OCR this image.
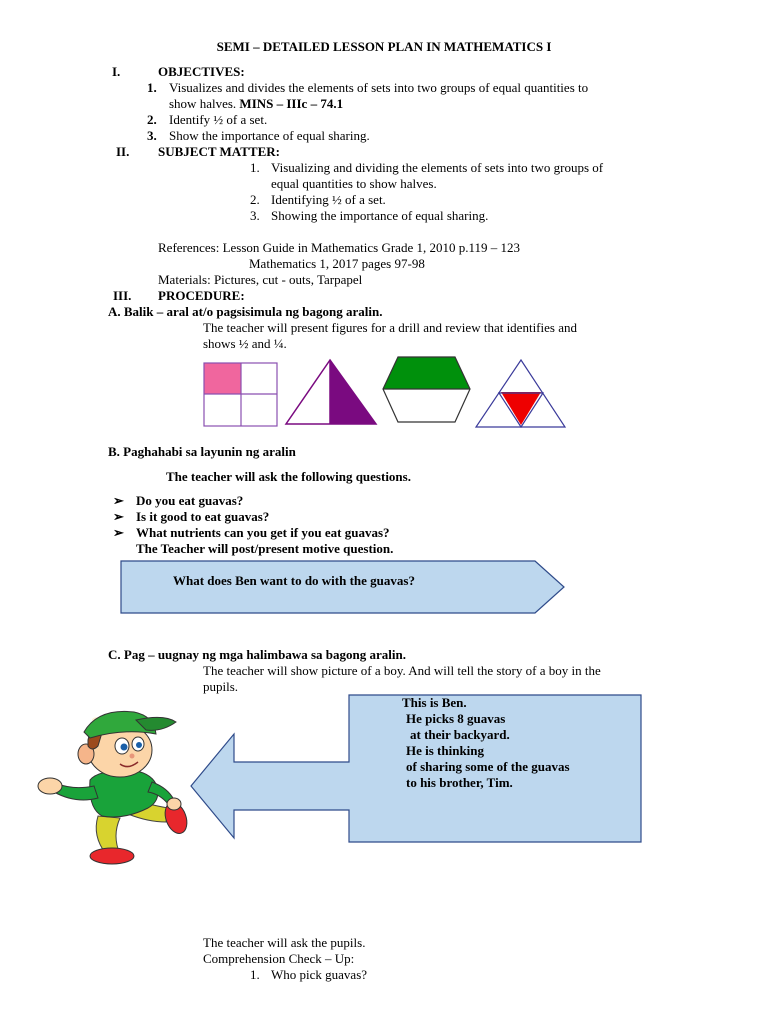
SEMI – DETAILED LESSON PLAN IN MATHEMATICS I
I.	OBJECTIVES:
1. Visualizes and divides the elements of sets into two groups of equal quantities to
show halves. MINS – IIIc – 74.1
2. Identify ½ of a set.
3. Show the importance of equal sharing.
II. SUBJECT MATTER:
1. Visualizing and dividing the elements of sets into two groups of
equal quantities to show halves.
2. Identifying ½ of a set.
3. Showing the importance of equal sharing.
References: Lesson Guide in Mathematics Grade 1, 2010 p.119 – 123
Mathematics 1, 2017 pages 97-98
Materials: Pictures, cut - outs, Tarpapel
III. PROCEDURE:
A. Balik – aral at/o pagsisimula ng bagong aralin.
The teacher will present figures for a drill and review that identifies and
shows ½ and ¼.
B. Paghahabi sa layunin ng aralin
The teacher will ask the following questions.
➢ Do you eat guavas?
➢ Is it good to eat guavas?
➢ What nutrients can you get if you eat guavas?
The Teacher will post/present motive question.
What does Ben want to do with the guavas?
C. Pag – uugnay ng mga halimbawa sa bagong aralin.
The teacher will show picture of a boy. And will tell the story of a boy in the
pupils.
This is Ben.
He picks 8 guavas
at their backyard.
He is thinking
of sharing some of the guavas
to his brother, Tim.
The teacher will ask the pupils.
Comprehension Check – Up:
1. Who pick guavas?
